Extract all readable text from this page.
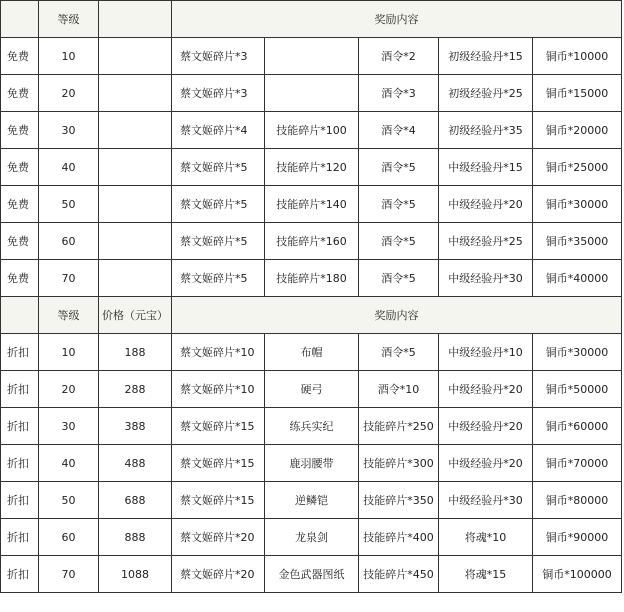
	等级		奖励内容				
免费	10		蔡文姬碎片*3		酒令*2	初级经验丹*15	铜币*10000
免费	20		蔡文姬碎片*3		酒令*3	初级经验丹*25	铜币*15000
免费	30		蔡文姬碎片*4	技能碎片*100	酒令*4	初级经验丹*35	铜币*20000
免费	40		蔡文姬碎片*5	技能碎片*120	酒令*5	中级经验丹*15	铜币*25000
免费	50		蔡文姬碎片*5	技能碎片*140	酒令*5	中级经验丹*20	铜币*30000
免费	60		蔡文姬碎片*5	技能碎片*160	酒令*5	中级经验丹*25	铜币*35000
免费	70		蔡文姬碎片*5	技能碎片*180	酒令*5	中级经验丹*30	铜币*40000
	等级	价格（元宝）	奖励内容				
折扣	10	188	蔡文姬碎片*10	布帽	酒令*5	中级经验丹*10	铜币*30000
折扣	20	288	蔡文姬碎片*10	硬弓	酒令*10	中级经验丹*20	铜币*50000
折扣	30	388	蔡文姬碎片*15	练兵实纪	技能碎片*250	中级经验丹*20	铜币*60000
折扣	40	488	蔡文姬碎片*15	鹿羽腰带	技能碎片*300	中级经验丹*20	铜币*70000
折扣	50	688	蔡文姬碎片*15	逆鳞铠	技能碎片*350	中级经验丹*30	铜币*80000
折扣	60	888	蔡文姬碎片*20	龙泉剑	技能碎片*400	将魂*10	铜币*90000
折扣	70	1088	蔡文姬碎片*20	金色武器图纸	技能碎片*450	将魂*15	铜币*100000
